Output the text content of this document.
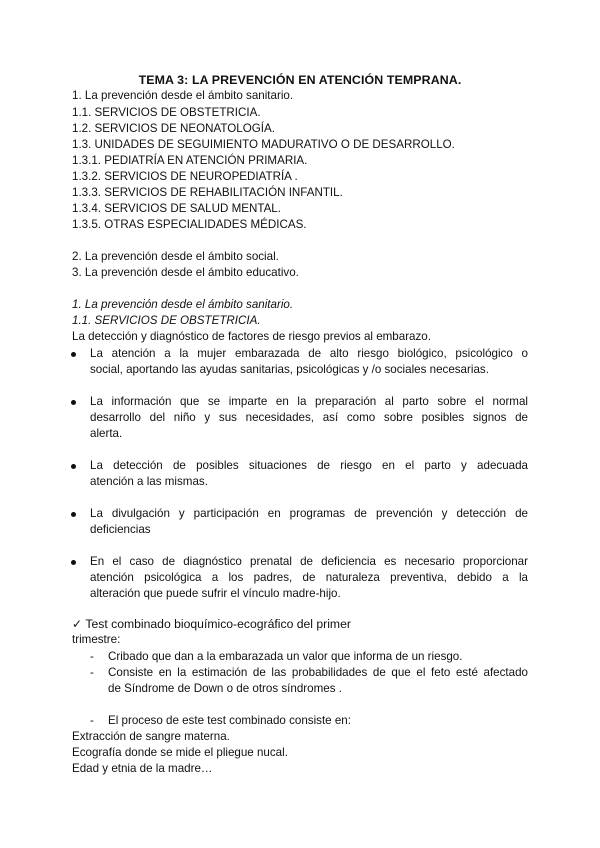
TEMA 3: LA PREVENCIÓN EN ATENCIÓN TEMPRANA.
1. La prevención desde el ámbito sanitario.
1.1. SERVICIOS DE OBSTETRICIA.
1.2. SERVICIOS DE NEONATOLOGÍA.
1.3. UNIDADES DE SEGUIMIENTO MADURATIVO O DE DESARROLLO.
1.3.1. PEDIATRÍA EN ATENCIÓN PRIMARIA.
1.3.2. SERVICIOS DE NEUROPEDIATRÍA .
1.3.3. SERVICIOS DE REHABILITACIÓN INFANTIL.
1.3.4. SERVICIOS DE SALUD MENTAL.
1.3.5. OTRAS ESPECIALIDADES MÉDICAS.
2. La prevención desde el ámbito social.
3. La prevención desde el ámbito educativo.
1. La prevención desde el ámbito sanitario.
1.1. SERVICIOS DE OBSTETRICIA.
La detección y diagnóstico de factores de riesgo previos al embarazo.

La atención a la mujer embarazada de alto riesgo biológico, psicológico o

social, aportando las ayudas sanitarias, psicológicas y /o sociales necesarias.

La información que se imparte en la preparación al parto sobre el normal

desarrollo del niño y sus necesidades, así como sobre posibles signos de

alerta.

La detección de posibles situaciones de riesgo en el parto y adecuada

atención a las mismas.

La divulgación y participación en programas de prevención y detección de

deficiencias

En el caso de diagnóstico prenatal de deficiencia es necesario proporcionar

atención psicológica a los padres, de naturaleza preventiva, debido a la

alteración que puede sufrir el vínculo madre-hijo.

✓ Test combinado bioquímico-ecográfico del primer
trimestre:
- Cribado que dan a la embarazada un valor que informa de un riesgo.
- Consiste en la estimación de las probabilidades de que el feto esté afectado

de Síndrome de Down o de otros síndromes .

- El proceso de este test combinado consiste en:
Extracción de sangre materna.
Ecografía donde se mide el pliegue nucal.
Edad y etnia de la madre…
